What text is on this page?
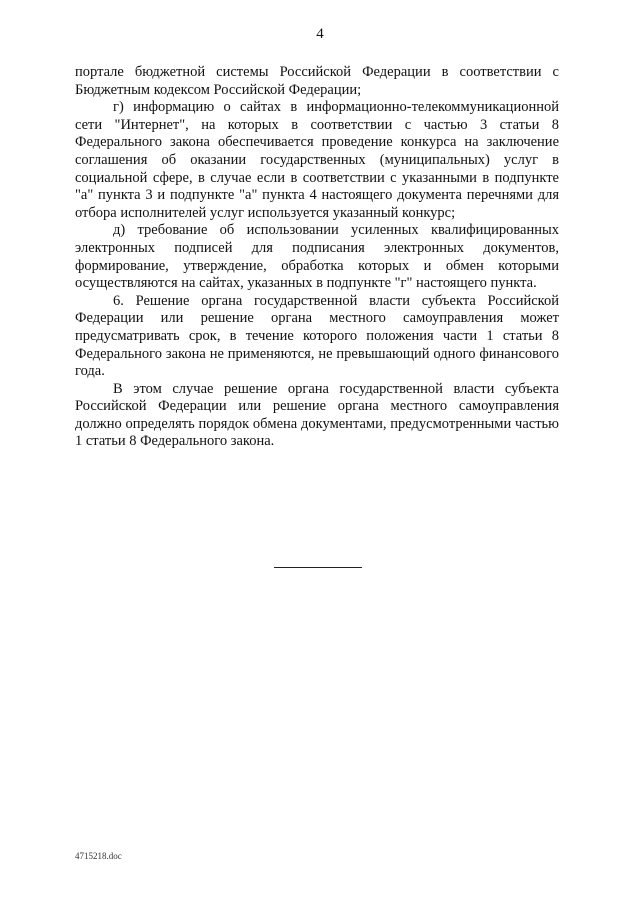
4

портале бюджетной системы Российской Федерации в соответствии с Бюджетным кодексом Российской Федерации;

г) информацию о сайтах в информационно-телекоммуникационной сети "Интернет", на которых в соответствии с частью 3 статьи 8 Федерального закона обеспечивается проведение конкурса на заключение соглашения об оказании государственных (муниципальных) услуг в социальной сфере, в случае если в соответствии с указанными в подпункте "а" пункта 3 и подпункте "а" пункта 4 настоящего документа перечнями для отбора исполнителей услуг используется указанный конкурс;

д) требование об использовании усиленных квалифицированных электронных подписей для подписания электронных документов, формирование, утверждение, обработка которых и обмен которыми осуществляются на сайтах, указанных в подпункте "г" настоящего пункта.

6. Решение органа государственной власти субъекта Российской Федерации или решение органа местного самоуправления может предусматривать срок, в течение которого положения части 1 статьи 8 Федерального закона не применяются, не превышающий одного финансового года.

В этом случае решение органа государственной власти субъекта Российской Федерации или решение органа местного самоуправления должно определять порядок обмена документами, предусмотренными частью 1 статьи 8 Федерального закона.

4715218.doc
